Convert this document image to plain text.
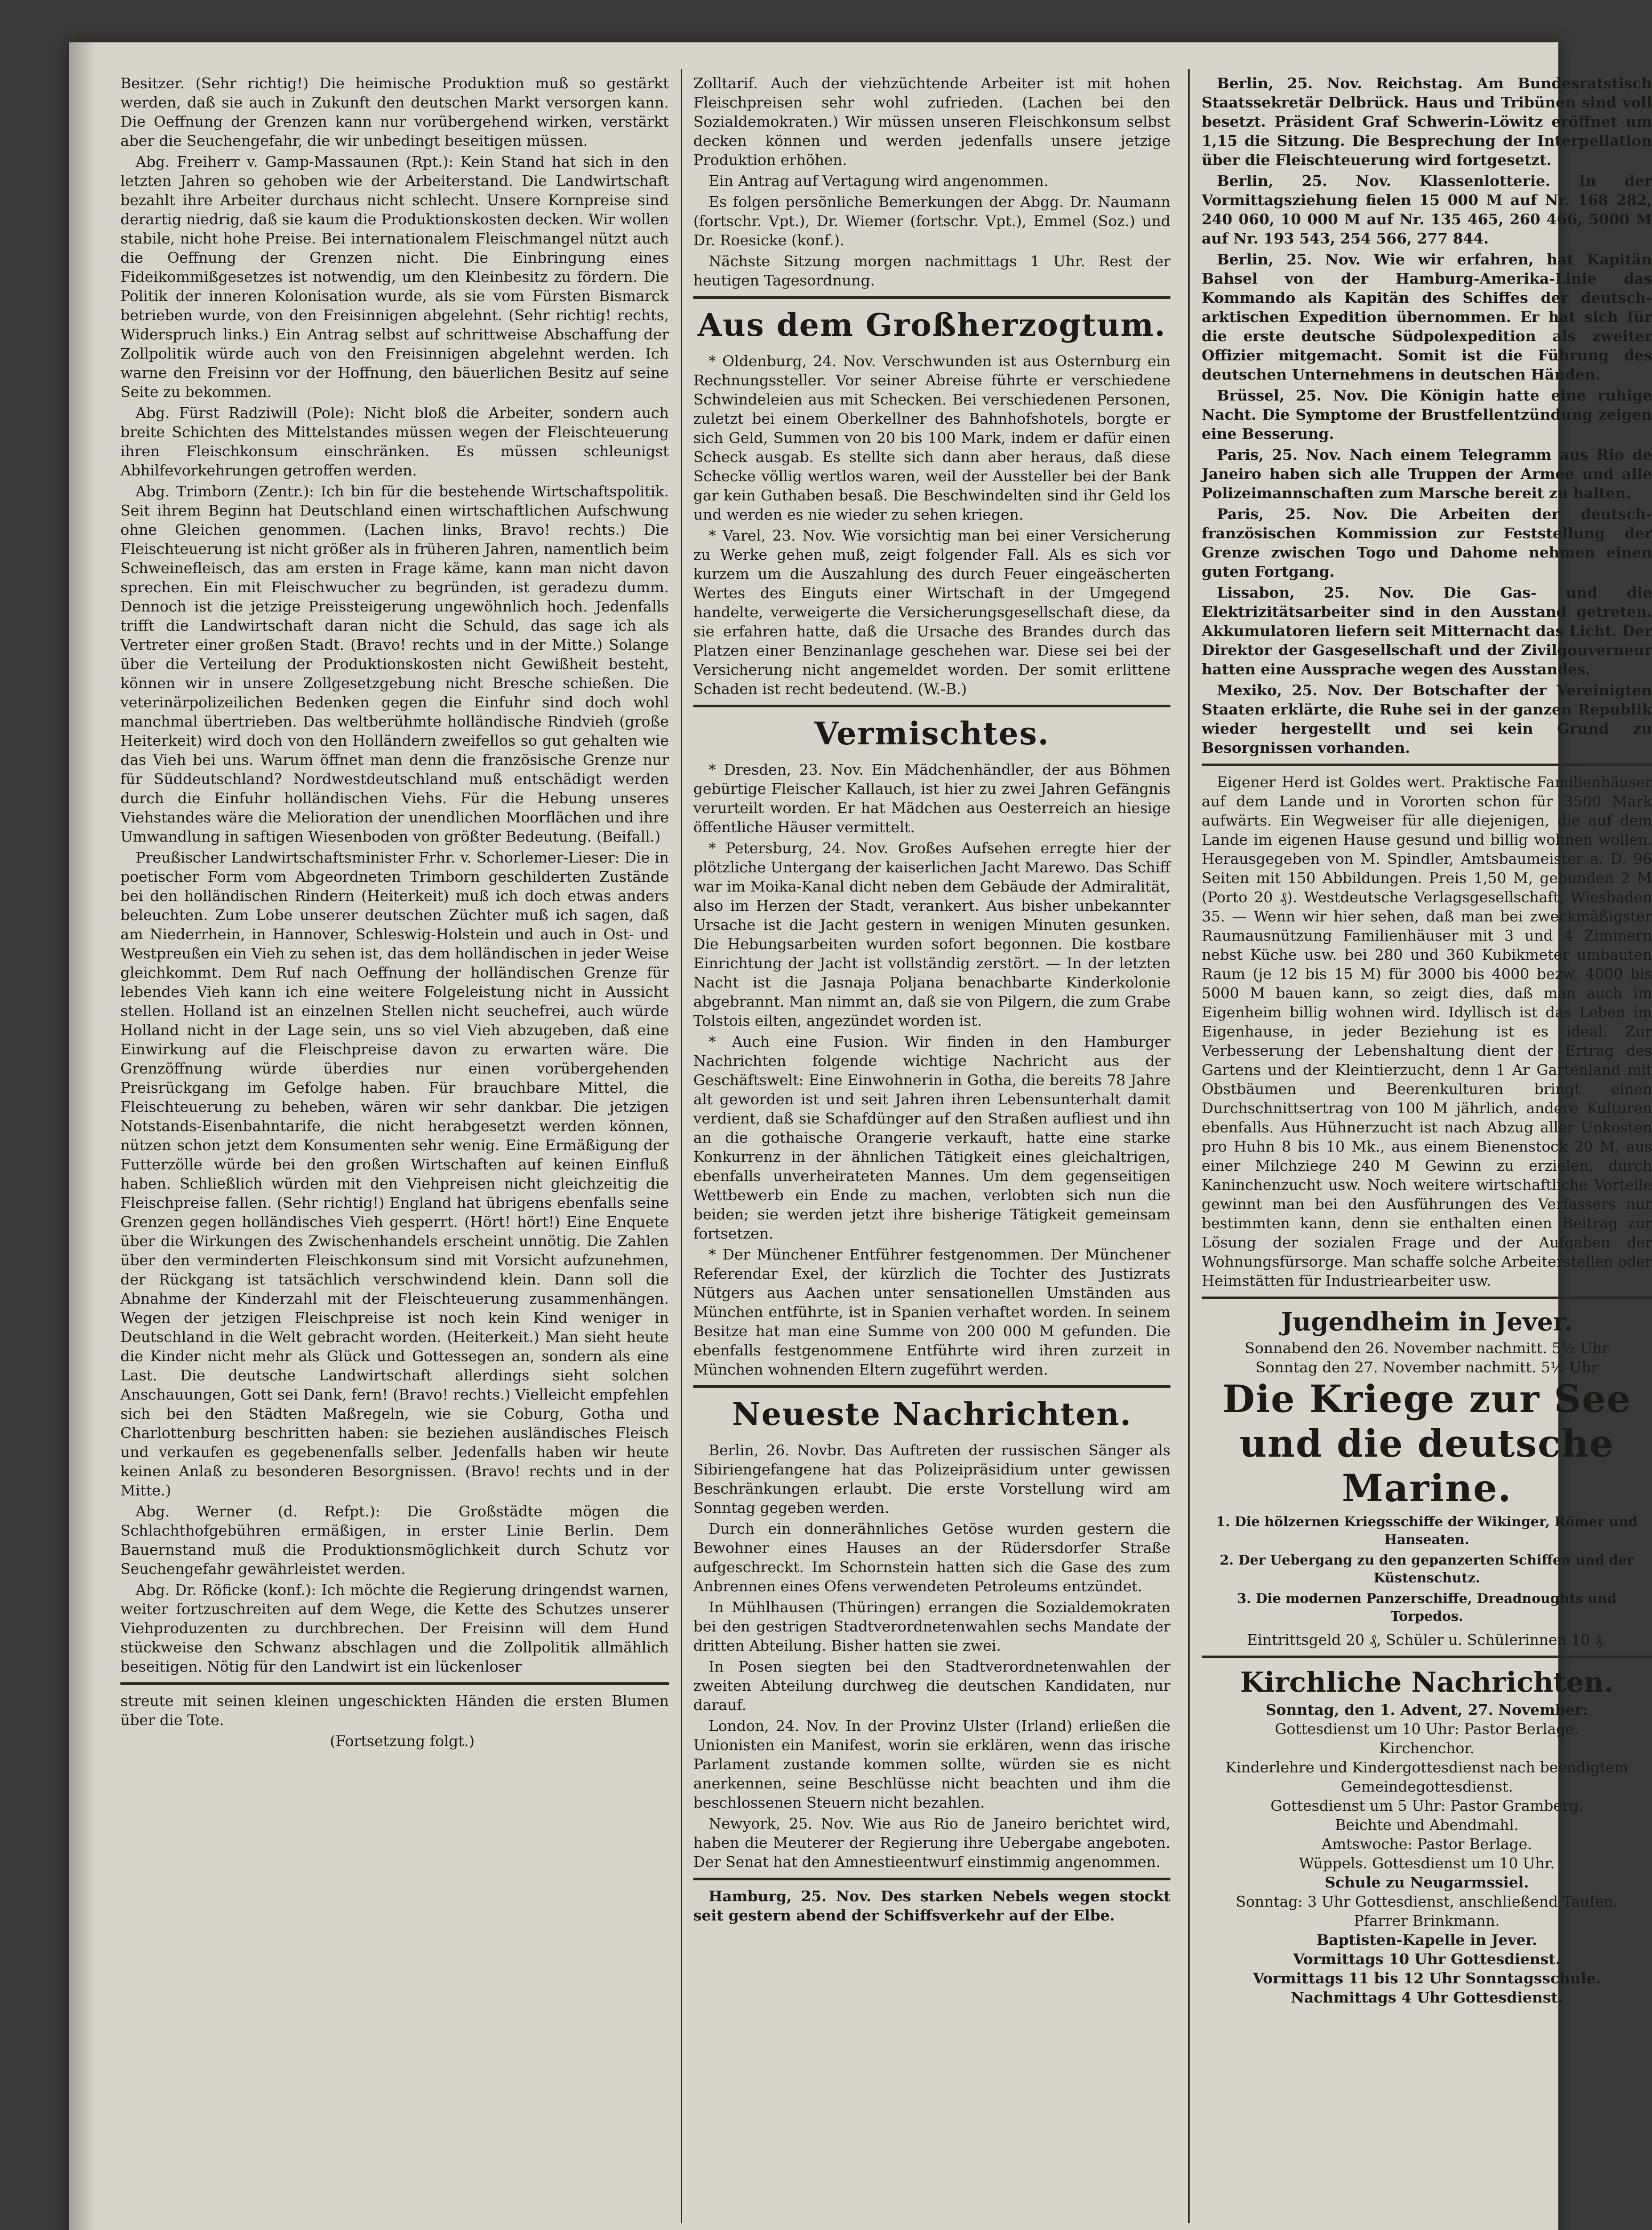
Besitzer. (Sehr richtig!) Die heimische Produktion muß so gestärkt werden, daß sie auch in Zukunft den deutschen Markt versorgen kann. Die Oeffnung der Grenzen kann nur vorübergehend wirken, verstärkt aber die Seuchengefahr, die wir unbedingt beseitigen müssen.

Abg. Freiherr v. Gamp-Massaunen (Rpt.): Kein Stand hat sich in den letzten Jahren so gehoben wie der Arbeiterstand. Die Landwirtschaft bezahlt ihre Arbeiter durchaus nicht schlecht. Unsere Kornpreise sind derartig niedrig, daß sie kaum die Produktionskosten decken. Wir wollen stabile, nicht hohe Preise. Bei internationalem Fleischmangel nützt auch die Oeffnung der Grenzen nicht. Die Einbringung eines Fideikommißgesetzes ist notwendig, um den Kleinbesitz zu fördern. Die Politik der inneren Kolonisation wurde, als sie vom Fürsten Bismarck betrieben wurde, von den Freisinnigen abgelehnt. (Sehr richtig! rechts, Widerspruch links.) Ein Antrag selbst auf schrittweise Abschaffung der Zollpolitik würde auch von den Freisinnigen abgelehnt werden. Ich warne den Freisinn vor der Hoffnung, den bäuerlichen Besitz auf seine Seite zu bekommen.

Abg. Fürst Radziwill (Pole): Nicht bloß die Arbeiter, sondern auch breite Schichten des Mittelstandes müssen wegen der Fleischteuerung ihren Fleischkonsum einschränken. Es müssen schleunigst Abhilfevorkehrungen getroffen werden.

Abg. Trimborn (Zentr.): Ich bin für die bestehende Wirtschaftspolitik. Seit ihrem Beginn hat Deutschland einen wirtschaftlichen Aufschwung ohne Gleichen genommen. (Lachen links, Bravo! rechts.) Die Fleischteuerung ist nicht größer als in früheren Jahren, namentlich beim Schweinefleisch, das am ersten in Frage käme, kann man nicht davon sprechen. Ein mit Fleischwucher zu begründen, ist geradezu dumm. Dennoch ist die jetzige Preissteigerung ungewöhnlich hoch. Jedenfalls trifft die Landwirtschaft daran nicht die Schuld, das sage ich als Vertreter einer großen Stadt. (Bravo! rechts und in der Mitte.) Solange über die Verteilung der Produktionskosten nicht Gewißheit besteht, können wir in unsere Zollgesetzgebung nicht Bresche schießen. Die veterinärpolizeilichen Bedenken gegen die Einfuhr sind doch wohl manchmal übertrieben. Das weltberühmte holländische Rindvieh (große Heiterkeit) wird doch von den Holländern zweifellos so gut gehalten wie das Vieh bei uns. Warum öffnet man denn die französische Grenze nur für Süddeutschland? Nordwestdeutschland muß entschädigt werden durch die Einfuhr holländischen Viehs. Für die Hebung unseres Viehstandes wäre die Melioration der unendlichen Moorflächen und ihre Umwandlung in saftigen Wiesenboden von größter Bedeutung. (Beifall.)

Preußischer Landwirtschaftsminister Frhr. v. Schorlemer-Lieser: Die in poetischer Form vom Abgeordneten Trimborn geschilderten Zustände bei den holländischen Rindern (Heiterkeit) muß ich doch etwas anders beleuchten. Zum Lobe unserer deutschen Züchter muß ich sagen, daß am Niederrhein, in Hannover, Schleswig-Holstein und auch in Ost- und Westpreußen ein Vieh zu sehen ist, das dem holländischen in jeder Weise gleichkommt. Dem Ruf nach Oeffnung der holländischen Grenze für lebendes Vieh kann ich eine weitere Folgeleistung nicht in Aussicht stellen. Holland ist an einzelnen Stellen nicht seuchefrei, auch würde Holland nicht in der Lage sein, uns so viel Vieh abzugeben, daß eine Einwirkung auf die Fleischpreise davon zu erwarten wäre. Die Grenzöffnung würde überdies nur einen vorübergehenden Preisrückgang im Gefolge haben. Für brauchbare Mittel, die Fleischteuerung zu beheben, wären wir sehr dankbar. Die jetzigen Notstands-Eisenbahntarife, die nicht herabgesetzt werden können, nützen schon jetzt dem Konsumenten sehr wenig. Eine Ermäßigung der Futterzölle würde bei den großen Wirtschaften auf keinen Einfluß haben. Schließlich würden mit den Viehpreisen nicht gleichzeitig die Fleischpreise fallen. (Sehr richtig!) England hat übrigens ebenfalls seine Grenzen gegen holländisches Vieh gesperrt. (Hört! hört!) Eine Enquete über die Wirkungen des Zwischenhandels erscheint unnötig. Die Zahlen über den verminderten Fleischkonsum sind mit Vorsicht aufzunehmen, der Rückgang ist tatsächlich verschwindend klein. Dann soll die Abnahme der Kinderzahl mit der Fleischteuerung zusammenhängen. Wegen der jetzigen Fleischpreise ist noch kein Kind weniger in Deutschland in die Welt gebracht worden. (Heiterkeit.) Man sieht heute die Kinder nicht mehr als Glück und Gottessegen an, sondern als eine Last. Die deutsche Landwirtschaft allerdings sieht solchen Anschauungen, Gott sei Dank, fern! (Bravo! rechts.) Vielleicht empfehlen sich bei den Städten Maßregeln, wie sie Coburg, Gotha und Charlottenburg beschritten haben: sie beziehen ausländisches Fleisch und verkaufen es gegebenenfalls selber. Jedenfalls haben wir heute keinen Anlaß zu besonderen Besorgnissen. (Bravo! rechts und in der Mitte.)

Abg. Werner (d. Refpt.): Die Großstädte mögen die Schlachthofgebühren ermäßigen, in erster Linie Berlin. Dem Bauernstand muß die Produktionsmöglichkeit durch Schutz vor Seuchengefahr gewährleistet werden.

Abg. Dr. Röficke (konf.): Ich möchte die Regierung dringendst warnen, weiter fortzuschreiten auf dem Wege, die Kette des Schutzes unserer Viehproduzenten zu durchbrechen. Der Freisinn will dem Hund stückweise den Schwanz abschlagen und die Zollpolitik allmählich beseitigen. Nötig für den Landwirt ist ein lückenloser

streute mit seinen kleinen ungeschickten Händen die ersten Blumen über die Tote.

(Fortsetzung folgt.)

Zolltarif. Auch der viehzüchtende Arbeiter ist mit hohen Fleischpreisen sehr wohl zufrieden. (Lachen bei den Sozialdemokraten.) Wir müssen unseren Fleischkonsum selbst decken können und werden jedenfalls unsere jetzige Produktion erhöhen.

Ein Antrag auf Vertagung wird angenommen.

Es folgen persönliche Bemerkungen der Abgg. Dr. Naumann (fortschr. Vpt.), Dr. Wiemer (fortschr. Vpt.), Emmel (Soz.) und Dr. Roesicke (konf.).

Nächste Sitzung morgen nachmittags 1 Uhr. Rest der heutigen Tagesordnung.

Aus dem Großherzogtum.

* Oldenburg, 24. Nov. Verschwunden ist aus Osternburg ein Rechnungssteller. Vor seiner Abreise führte er verschiedene Schwindeleien aus mit Schecken. Bei verschiedenen Personen, zuletzt bei einem Oberkellner des Bahnhofshotels, borgte er sich Geld, Summen von 20 bis 100 Mark, indem er dafür einen Scheck ausgab. Es stellte sich dann aber heraus, daß diese Schecke völlig wertlos waren, weil der Aussteller bei der Bank gar kein Guthaben besaß. Die Beschwindelten sind ihr Geld los und werden es nie wieder zu sehen kriegen.

* Varel, 23. Nov. Wie vorsichtig man bei einer Versicherung zu Werke gehen muß, zeigt folgender Fall. Als es sich vor kurzem um die Auszahlung des durch Feuer eingeäscherten Wertes des Einguts einer Wirtschaft in der Umgegend handelte, verweigerte die Versicherungsgesellschaft diese, da sie erfahren hatte, daß die Ursache des Brandes durch das Platzen einer Benzinanlage geschehen war. Diese sei bei der Versicherung nicht angemeldet worden. Der somit erlittene Schaden ist recht bedeutend. (W.-B.)

Vermischtes.

* Dresden, 23. Nov. Ein Mädchenhändler, der aus Böhmen gebürtige Fleischer Kallauch, ist hier zu zwei Jahren Gefängnis verurteilt worden. Er hat Mädchen aus Oesterreich an hiesige öffentliche Häuser vermittelt.

* Petersburg, 24. Nov. Großes Aufsehen erregte hier der plötzliche Untergang der kaiserlichen Jacht Marewo. Das Schiff war im Moika-Kanal dicht neben dem Gebäude der Admiralität, also im Herzen der Stadt, verankert. Aus bisher unbekannter Ursache ist die Jacht gestern in wenigen Minuten gesunken. Die Hebungsarbeiten wurden sofort begonnen. Die kostbare Einrichtung der Jacht ist vollständig zerstört. — In der letzten Nacht ist die Jasnaja Poljana benachbarte Kinderkolonie abgebrannt. Man nimmt an, daß sie von Pilgern, die zum Grabe Tolstois eilten, angezündet worden ist.

* Auch eine Fusion. Wir finden in den Hamburger Nachrichten folgende wichtige Nachricht aus der Geschäftswelt: Eine Einwohnerin in Gotha, die bereits 78 Jahre alt geworden ist und seit Jahren ihren Lebensunterhalt damit verdient, daß sie Schafdünger auf den Straßen aufliest und ihn an die gothaische Orangerie verkauft, hatte eine starke Konkurrenz in der ähnlichen Tätigkeit eines gleichaltrigen, ebenfalls unverheirateten Mannes. Um dem gegenseitigen Wettbewerb ein Ende zu machen, verlobten sich nun die beiden; sie werden jetzt ihre bisherige Tätigkeit gemeinsam fortsetzen.

* Der Münchener Entführer festgenommen. Der Münchener Referendar Exel, der kürzlich die Tochter des Justizrats Nütgers aus Aachen unter sensationellen Umständen aus München entführte, ist in Spanien verhaftet worden. In seinem Besitze hat man eine Summe von 200 000 M gefunden. Die ebenfalls festgenommene Entführte wird ihren zurzeit in München wohnenden Eltern zugeführt werden.

Neueste Nachrichten.

Berlin, 26. Novbr. Das Auftreten der russischen Sänger als Sibiriengefangene hat das Polizeipräsidium unter gewissen Beschränkungen erlaubt. Die erste Vorstellung wird am Sonntag gegeben werden.

Durch ein donnerähnliches Getöse wurden gestern die Bewohner eines Hauses an der Rüdersdorfer Straße aufgeschreckt. Im Schornstein hatten sich die Gase des zum Anbrennen eines Ofens verwendeten Petroleums entzündet.

In Mühlhausen (Thüringen) errangen die Sozialdemokraten bei den gestrigen Stadtverordnetenwahlen sechs Mandate der dritten Abteilung. Bisher hatten sie zwei.

In Posen siegten bei den Stadtverordnetenwahlen der zweiten Abteilung durchweg die deutschen Kandidaten, nur darauf.

London, 24. Nov. In der Provinz Ulster (Irland) erließen die Unionisten ein Manifest, worin sie erklären, wenn das irische Parlament zustande kommen sollte, würden sie es nicht anerkennen, seine Beschlüsse nicht beachten und ihm die beschlossenen Steuern nicht bezahlen.

Newyork, 25. Nov. Wie aus Rio de Janeiro berichtet wird, haben die Meuterer der Regierung ihre Uebergabe angeboten. Der Senat hat den Amnestieentwurf einstimmig angenommen.

Hamburg, 25. Nov. Des starken Nebels wegen stockt seit gestern abend der Schiffsverkehr auf der Elbe.

Berlin, 25. Nov. Reichstag. Am Bundesratstisch Staatssekretär Delbrück. Haus und Tribünen sind voll besetzt. Präsident Graf Schwerin-Löwitz eröffnet um 1,15 die Sitzung. Die Besprechung der Interpellation über die Fleischteuerung wird fortgesetzt.

Berlin, 25. Nov. Klassenlotterie. In der Vormittagsziehung fielen 15 000 M auf Nr. 168 282, 240 060, 10 000 M auf Nr. 135 465, 260 466, 5000 M auf Nr. 193 543, 254 566, 277 844.

Berlin, 25. Nov. Wie wir erfahren, hat Kapitän Bahsel von der Hamburg-Amerika-Linie das Kommando als Kapitän des Schiffes der deutsch-arktischen Expedition übernommen. Er hat sich für die erste deutsche Südpolexpedition als zweiter Offizier mitgemacht. Somit ist die Führung des deutschen Unternehmens in deutschen Händen.

Brüssel, 25. Nov. Die Königin hatte eine ruhige Nacht. Die Symptome der Brustfellentzündung zeigen eine Besserung.

Paris, 25. Nov. Nach einem Telegramm aus Rio de Janeiro haben sich alle Truppen der Armee und alle Polizeimannschaften zum Marsche bereit zu halten.

Paris, 25. Nov. Die Arbeiten der deutsch-französischen Kommission zur Feststellung der Grenze zwischen Togo und Dahome nehmen einen guten Fortgang.

Lissabon, 25. Nov. Die Gas- und die Elektrizitätsarbeiter sind in den Ausstand getreten. Akkumulatoren liefern seit Mitternacht das Licht. Der Direktor der Gasgesellschaft und der Zivilgouverneur hatten eine Aussprache wegen des Ausstandes.

Mexiko, 25. Nov. Der Botschafter der Vereinigten Staaten erklärte, die Ruhe sei in der ganzen Republik wieder hergestellt und sei kein Grund zu Besorgnissen vorhanden.

Eigener Herd ist Goldes wert. Praktische Familienhäuser auf dem Lande und in Vororten schon für 3500 Mark aufwärts. Ein Wegweiser für alle diejenigen, die auf dem Lande im eigenen Hause gesund und billig wohnen wollen. Herausgegeben von M. Spindler, Amtsbaumeister a. D. 96 Seiten mit 150 Abbildungen. Preis 1,50 M, gebunden 2 M (Porto 20 ₰). Westdeutsche Verlagsgesellschaft, Wiesbaden 35. — Wenn wir hier sehen, daß man bei zweckmäßigster Raumausnützung Familienhäuser mit 3 und 4 Zimmern nebst Küche usw. bei 280 und 360 Kubikmeter umbauten Raum (je 12 bis 15 M) für 3000 bis 4000 bezw. 4000 bis 5000 M bauen kann, so zeigt dies, daß man auch im Eigenheim billig wohnen wird. Idyllisch ist das Leben im Eigenhause, in jeder Beziehung ist es ideal. Zur Verbesserung der Lebenshaltung dient der Ertrag des Gartens und der Kleintierzucht, denn 1 Ar Gartenland mit Obstbäumen und Beerenkulturen bringt einen Durchschnittsertrag von 100 M jährlich, andere Kulturen ebenfalls. Aus Hühnerzucht ist nach Abzug aller Unkosten pro Huhn 8 bis 10 Mk., aus einem Bienenstock 20 M, aus einer Milchziege 240 M Gewinn zu erzielen, durch Kaninchenzucht usw. Noch weitere wirtschaftliche Vorteile gewinnt man bei den Ausführungen des Verfassers nur bestimmten kann, denn sie enthalten einen Beitrag zur Lösung der sozialen Frage und der Aufgaben der Wohnungsfürsorge. Man schaffe solche Arbeiterstellen oder Heimstätten für Industriearbeiter usw.

Jugendheim in Jever.
Sonnabend den 26. November nachmitt. 5½ Uhr
Sonntag den 27. November nachmitt. 5½ Uhr
Die Kriege zur See
und die deutsche Marine.
1. Die hölzernen Kriegsschiffe der Wikinger, Römer und Hanseaten.
2. Der Uebergang zu den gepanzerten Schiffen und der Küstenschutz.
3. Die modernen Panzerschiffe, Dreadnoughts und Torpedos.
Eintrittsgeld 20 ₰, Schüler u. Schülerinnen 10 ₰.
Kirchliche Nachrichten.
Sonntag, den 1. Advent, 27. November:
Gottesdienst um 10 Uhr: Pastor Berlage.
Kirchenchor.
Kinderlehre und Kindergottesdienst nach beendigtem Gemeindegottesdienst.
Gottesdienst um 5 Uhr: Pastor Gramberg.
Beichte und Abendmahl.
Amtswoche: Pastor Berlage.
Wüppels. Gottesdienst um 10 Uhr.
Schule zu Neugarmssiel.
Sonntag: 3 Uhr Gottesdienst, anschließend Taufen.
Pfarrer Brinkmann.
Baptisten-Kapelle in Jever.
Vormittags 10 Uhr Gottesdienst.
Vormittags 11 bis 12 Uhr Sonntagsschule.
Nachmittags 4 Uhr Gottesdienst.
